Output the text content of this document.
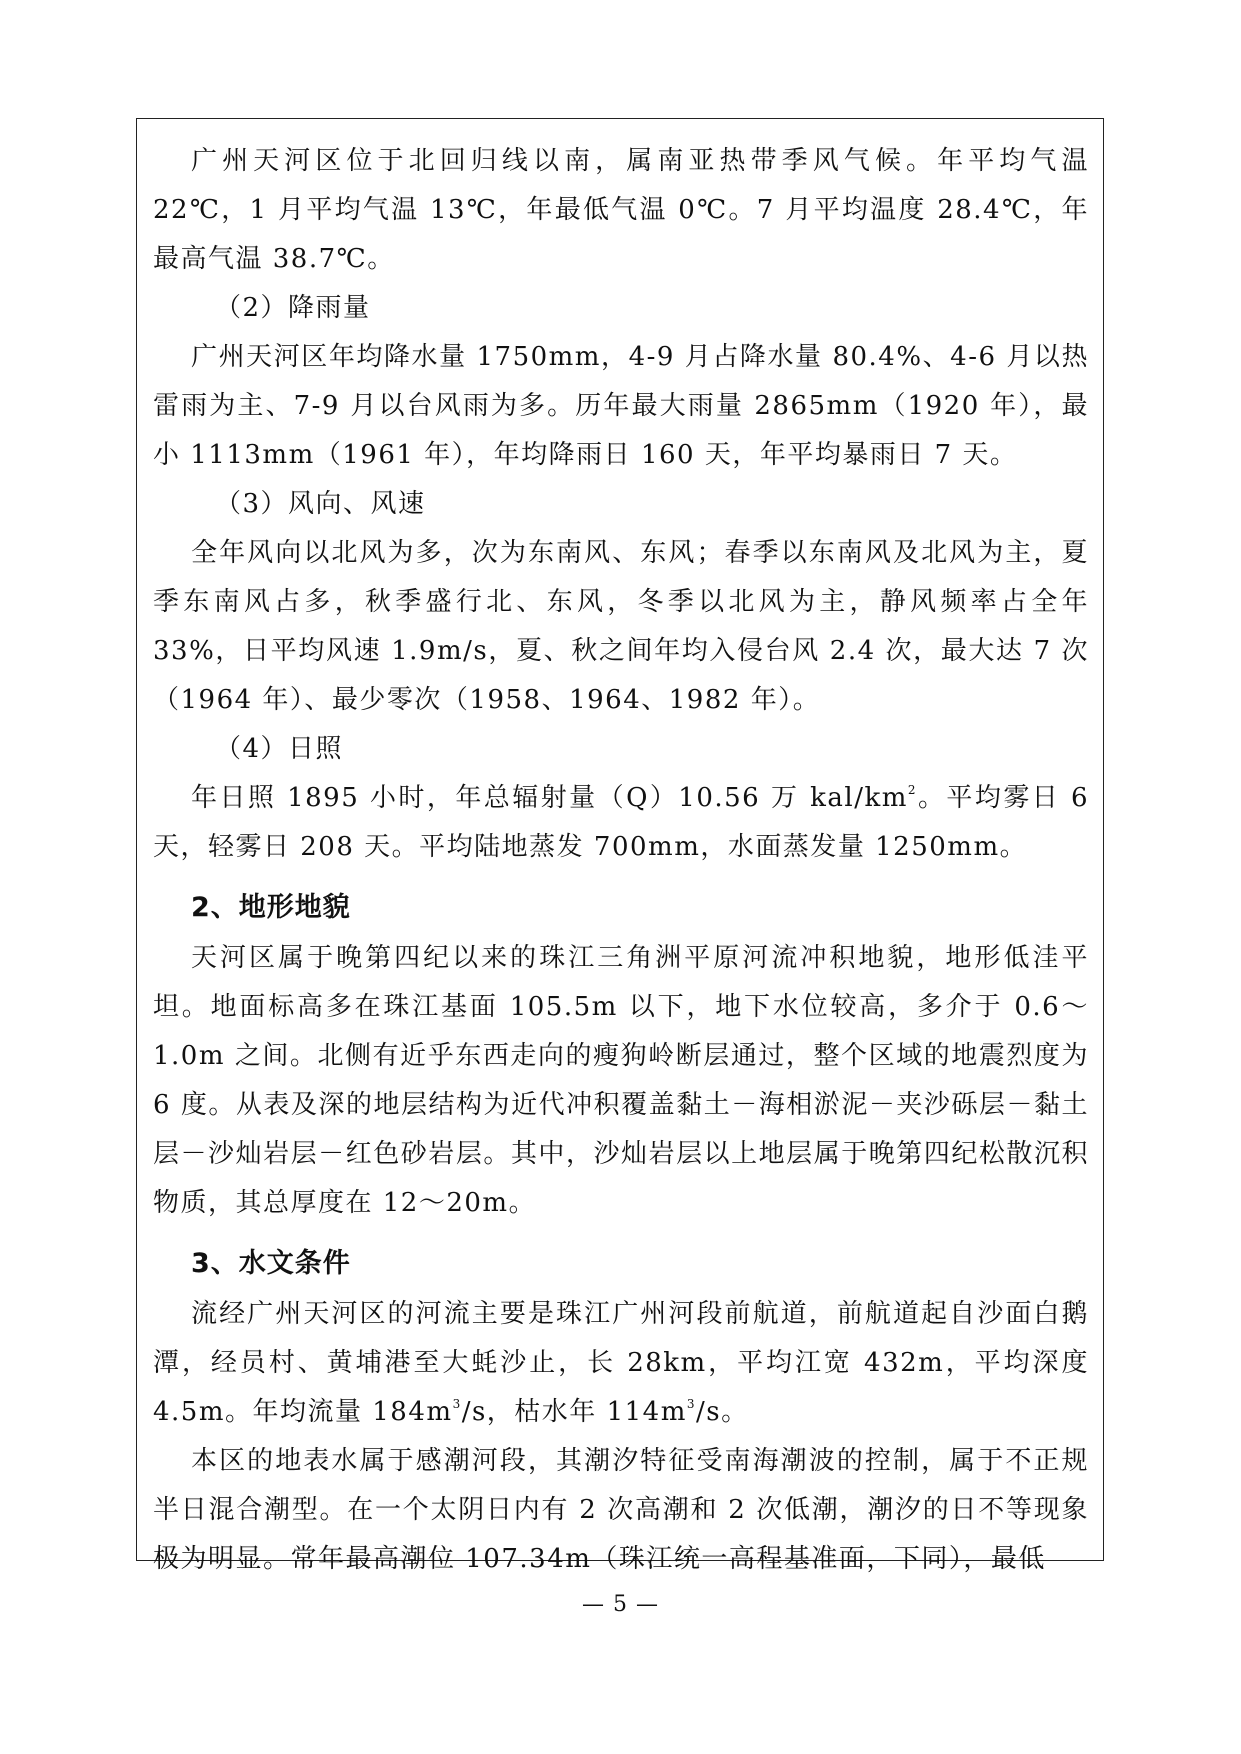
广州天河区位于北回归线以南，属南亚热带季风气候。年平均气温 22℃，1 月平均气温 13℃，年最低气温 0℃。7 月平均温度 28.4℃，年最高气温 38.7℃。

（2）降雨量

广州天河区年均降水量 1750mm，4-9 月占降水量 80.4%、4-6 月以热雷雨为主、7-9 月以台风雨为多。历年最大雨量 2865mm（1920 年），最小 1113mm（1961 年），年均降雨日 160 天，年平均暴雨日 7 天。

（3）风向、风速

全年风向以北风为多，次为东南风、东风；春季以东南风及北风为主，夏季东南风占多，秋季盛行北、东风，冬季以北风为主，静风频率占全年 33%，日平均风速 1.9m/s，夏、秋之间年均入侵台风 2.4 次，最大达 7 次（1964 年）、最少零次（1958、1964、1982 年）。

（4）日照

年日照 1895 小时，年总辐射量（Q）10.56 万 kal/$km^2$。平均雾日 6 天，轻雾日 208 天。平均陆地蒸发 700mm，水面蒸发量 1250mm。

2、地形地貌

天河区属于晚第四纪以来的珠江三角洲平原河流冲积地貌，地形低洼平坦。地面标高多在珠江基面 105.5m 以下，地下水位较高，多介于 0.6～1.0m 之间。北侧有近乎东西走向的瘦狗岭断层通过，整个区域的地震烈度为 6 度。从表及深的地层结构为近代冲积覆盖黏土－海相淤泥－夹沙砾层－黏土层－沙灿岩层－红色砂岩层。其中，沙灿岩层以上地层属于晚第四纪松散沉积物质，其总厚度在 12～20m。

3、水文条件

流经广州天河区的河流主要是珠江广州河段前航道，前航道起自沙面白鹅潭，经员村、黄埔港至大蚝沙止，长 28km，平均江宽 432m，平均深度 4.5m。年均流量 $184m^3/s$，枯水年 $114m^3/s$。

本区的地表水属于感潮河段，其潮汐特征受南海潮波的控制，属于不正规半日混合潮型。在一个太阴日内有 2 次高潮和 2 次低潮，潮汐的日不等现象极为明显。常年最高潮位 107.34m（珠江统一高程基准面，下同），最低

— 5 —
